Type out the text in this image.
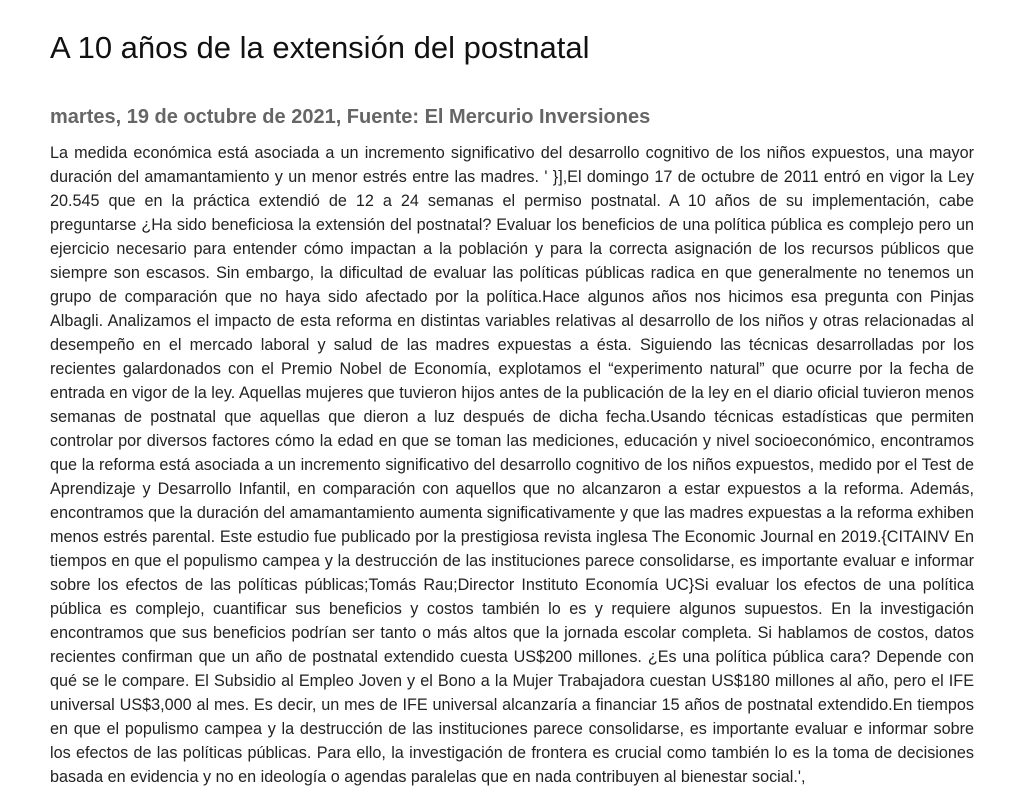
A 10 años de la extensión del postnatal
martes, 19 de octubre de 2021, Fuente: El Mercurio Inversiones

La medida económica está asociada a un incremento significativo del desarrollo cognitivo de los niños expuestos, una mayor duración del amamantamiento y un menor estrés entre las madres. ' }],El domingo 17 de octubre de 2011 entró en vigor la Ley 20.545 que en la práctica extendió de 12 a 24 semanas el permiso postnatal. A 10 años de su implementación, cabe preguntarse ¿Ha sido beneficiosa la extensión del postnatal? Evaluar los beneficios de una política pública es complejo pero un ejercicio necesario para entender cómo impactan a la población y para la correcta asignación de los recursos públicos que siempre son escasos. Sin embargo, la dificultad de evaluar las políticas públicas radica en que generalmente no tenemos un grupo de comparación que no haya sido afectado por la política.Hace algunos años nos hicimos esa pregunta con Pinjas Albagli. Analizamos el impacto de esta reforma en distintas variables relativas al desarrollo de los niños y otras relacionadas al desempeño en el mercado laboral y salud de las madres expuestas a ésta. Siguiendo las técnicas desarrolladas por los recientes galardonados con el Premio Nobel de Economía, explotamos el “experimento natural” que ocurre por la fecha de entrada en vigor de la ley. Aquellas mujeres que tuvieron hijos antes de la publicación de la ley en el diario oficial tuvieron menos semanas de postnatal que aquellas que dieron a luz después de dicha fecha.Usando técnicas estadísticas que permiten controlar por diversos factores cómo la edad en que se toman las mediciones, educación y nivel socioeconómico, encontramos que la reforma está asociada a un incremento significativo del desarrollo cognitivo de los niños expuestos, medido por el Test de Aprendizaje y Desarrollo Infantil, en comparación con aquellos que no alcanzaron a estar expuestos a la reforma. Además, encontramos que la duración del amamantamiento aumenta significativamente y que las madres expuestas a la reforma exhiben menos estrés parental. Este estudio fue publicado por la prestigiosa revista inglesa The Economic Journal en 2019.{CITAINV En tiempos en que el populismo campea y la destrucción de las instituciones parece consolidarse, es importante evaluar e informar sobre los efectos de las políticas públicas;Tomás Rau;Director Instituto Economía UC}Si evaluar los efectos de una política pública es complejo, cuantificar sus beneficios y costos también lo es y requiere algunos supuestos. En la investigación encontramos que sus beneficios podrían ser tanto o más altos que la jornada escolar completa. Si hablamos de costos, datos recientes confirman que un año de postnatal extendido cuesta US$200 millones. ¿Es una política pública cara? Depende con qué se le compare. El Subsidio al Empleo Joven y el Bono a la Mujer Trabajadora cuestan US$180 millones al año, pero el IFE universal US$3,000 al mes. Es decir, un mes de IFE universal alcanzaría a financiar 15 años de postnatal extendido.En tiempos en que el populismo campea y la destrucción de las instituciones parece consolidarse, es importante evaluar e informar sobre los efectos de las políticas públicas. Para ello, la investigación de frontera es crucial como también lo es la toma de decisiones basada en evidencia y no en ideología o agendas paralelas que en nada contribuyen al bienestar social.',
